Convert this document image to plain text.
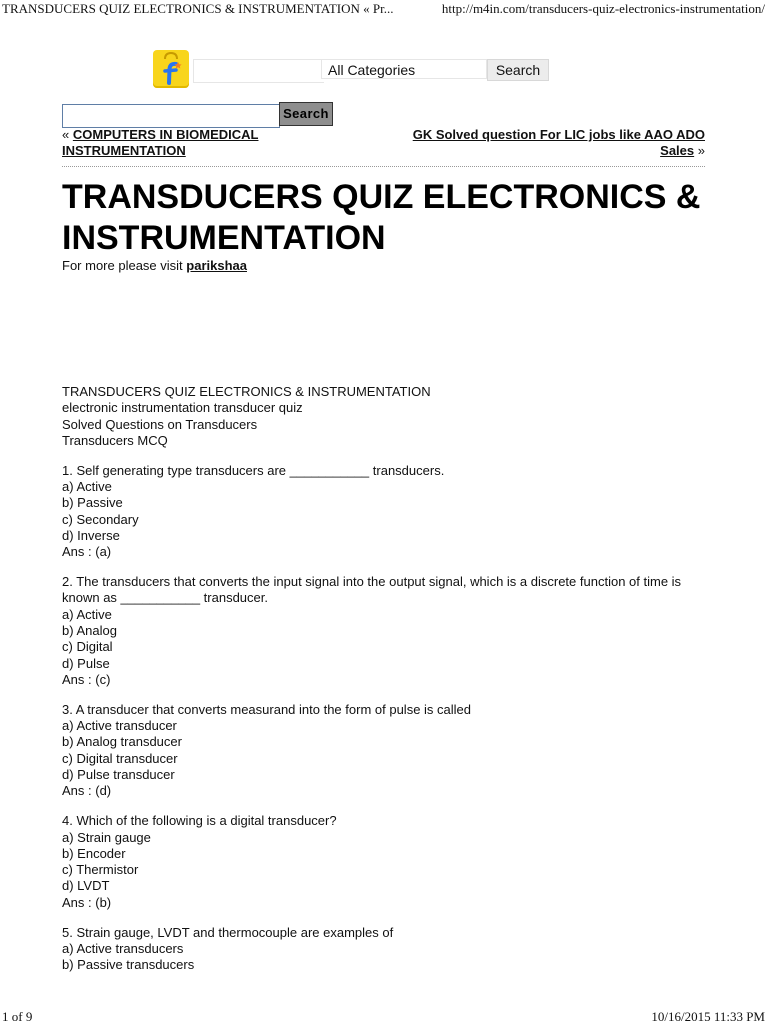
TRANSDUCERS QUIZ ELECTRONICS & INSTRUMENTATION « Pr...	http://m4in.com/transducers-quiz-electronics-instrumentation/
All Categories	Search
Search
« COMPUTERS IN BIOMEDICAL INSTRUMENTATION
GK Solved question For LIC jobs like AAO ADO Sales »
TRANSDUCERS QUIZ ELECTRONICS & INSTRUMENTATION
For more please visit parikshaa

TRANSDUCERS QUIZ ELECTRONICS & INSTRUMENTATION

electronic instrumentation transducer quiz

Solved Questions on Transducers

Transducers MCQ

1. Self generating type transducers are ___________ transducers.

a) Active

b) Passive

c) Secondary

d) Inverse

Ans : (a)

2. The transducers that converts the input signal into the output signal, which is a discrete function of time is known as ___________ transducer.

a) Active

b) Analog

c) Digital

d) Pulse

Ans : (c)

3. A transducer that converts measurand into the form of pulse is called

a) Active transducer

b) Analog transducer

c) Digital transducer

d) Pulse transducer

Ans : (d)

4. Which of the following is a digital transducer?

a) Strain gauge

b) Encoder

c) Thermistor

d) LVDT

Ans : (b)

5. Strain gauge, LVDT and thermocouple are examples of

a) Active transducers

b) Passive transducers

1 of 9	10/16/2015 11:33 PM
